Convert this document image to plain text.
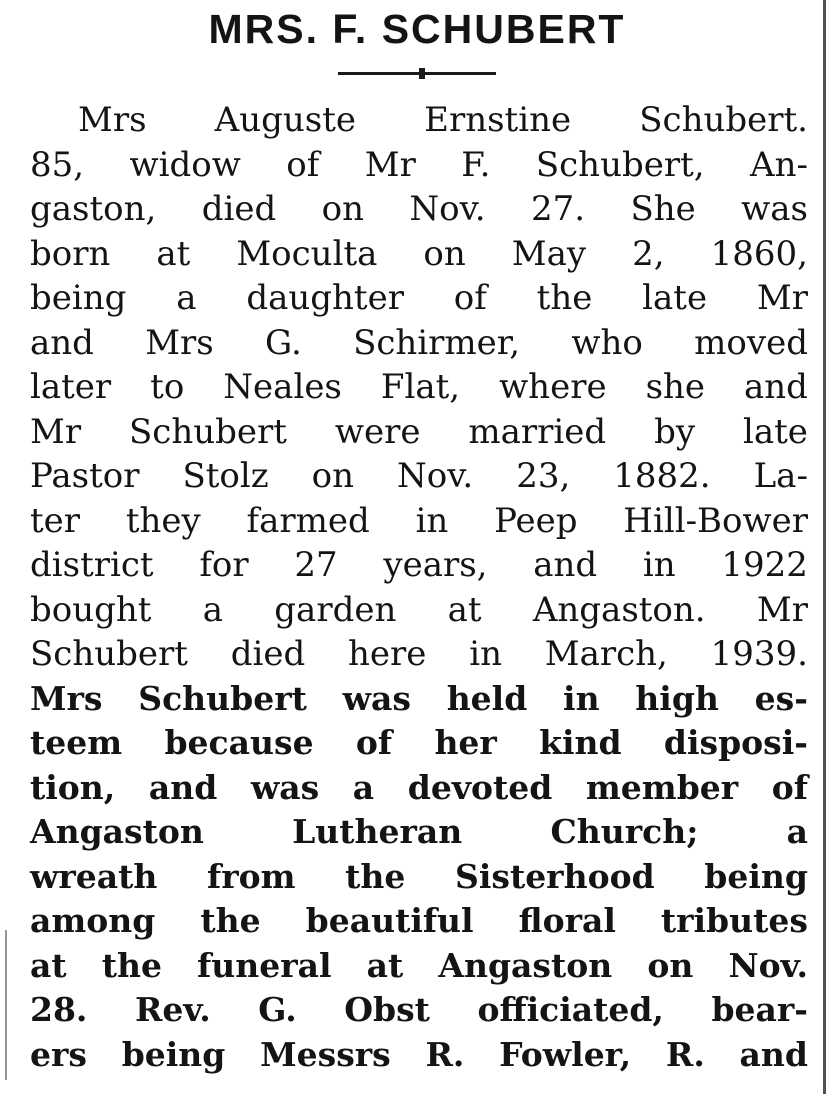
MRS. F. SCHUBERT
Mrs Auguste Ernstine Schubert.
85, widow of Mr F. Schubert, An-
gaston, died on Nov. 27. She was
born at Moculta on May 2, 1860,
being a daughter of the late Mr
and Mrs G. Schirmer, who moved
later to Neales Flat, where she and
Mr Schubert were married by late
Pastor Stolz on Nov. 23, 1882. La-
ter they farmed in Peep Hill-Bower
district for 27 years, and in 1922
bought a garden at Angaston. Mr
Schubert died here in March, 1939.
Mrs Schubert was held in high es-
teem because of her kind disposi-
tion, and was a devoted member of
Angaston	Lutheran	Church;	a
wreath from the Sisterhood being
among the beautiful floral tributes
at the funeral at Angaston on Nov.
28. Rev. G. Obst officiated, bear-
ers being Messrs R. Fowler, R. and
